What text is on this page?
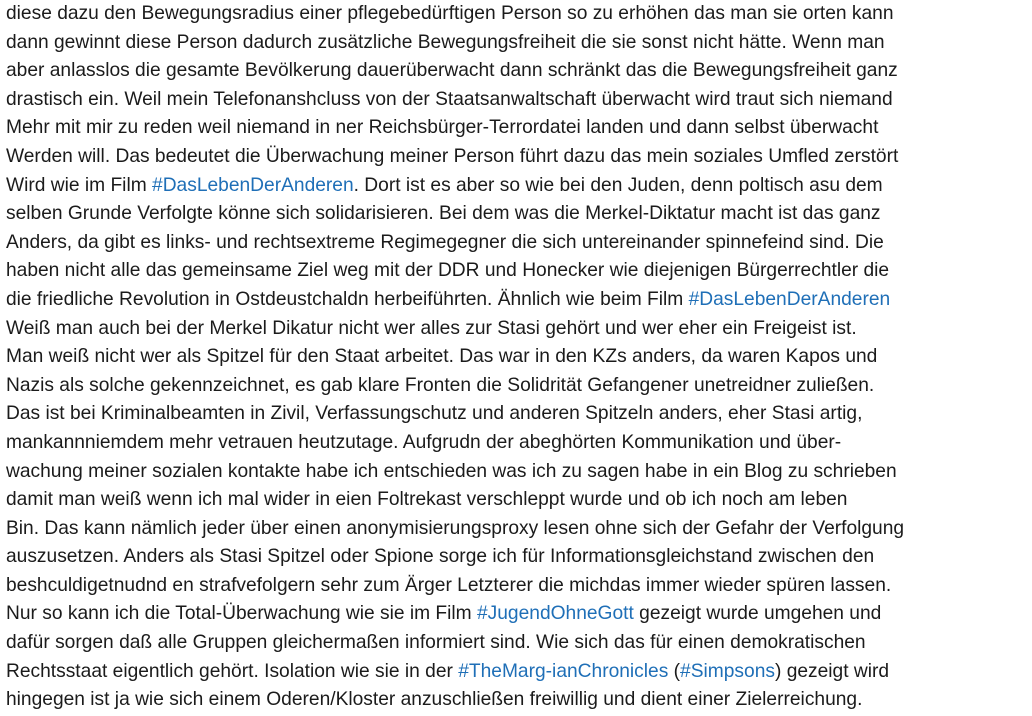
diese dazu den Bewegungsradius einer pflegebedürftigen Person so zu erhöhen das man sie orten kann
dann gewinnt diese Person dadurch zusätzliche Bewegungsfreiheit die sie sonst nicht hätte. Wenn man
aber anlasslos die gesamte Bevölkerung dauerüberwacht dann schränkt das die Bewegungsfreiheit ganz
drastisch ein. Weil mein Telefonanshcluss von der Staatsanwaltschaft überwacht wird traut sich niemand
Mehr mit mir zu reden weil niemand in ner Reichsbürger-Terrordatei landen und dann selbst überwacht
Werden will. Das bedeutet die Überwachung meiner Person führt dazu das mein soziales Umfled zerstört
Wird wie im Film #DasLebenDerAnderen. Dort ist es aber so wie bei den Juden, denn poltisch asu dem
selben Grunde Verfolgte könne sich solidarisieren. Bei dem was die Merkel-Diktatur macht ist das ganz
Anders, da gibt es links- und rechtsextreme Regimegegner die sich untereinander spinnefeind sind. Die
haben nicht alle das gemeinsame Ziel weg mit der DDR und Honecker wie diejenigen Bürgerrechtler die
die friedliche Revolution in Ostdeustchaldn herbeiführten. Ähnlich wie beim Film #DasLebenDerAnderen
Weiß man auch bei der Merkel Dikatur nicht wer alles zur Stasi gehört und wer eher ein Freigeist ist.
Man weiß nicht wer als Spitzel für den Staat arbeitet. Das war in den KZs anders, da waren Kapos und
Nazis als solche gekennzeichnet, es gab klare Fronten die Solidrität Gefangener unetreidner zuließen.
Das ist bei Kriminalbeamten in Zivil, Verfassungschutz und anderen Spitzeln anders, eher Stasi artig,
mankannniemdem mehr vetrauen heutzutage. Aufgrudn der abeghörten Kommunikation und über-
wachung meiner sozialen kontakte habe ich entschieden was ich zu sagen habe in ein Blog zu schrieben
damit man weiß wenn ich mal wider in eien Foltrekast verschleppt wurde und ob ich noch am leben
Bin. Das kann nämlich jeder über einen anonymisierungsproxy lesen ohne sich der Gefahr der Verfolgung
auszusetzen. Anders als Stasi Spitzel oder Spione sorge ich für Informationsgleichstand zwischen den
beshculdigetnudnd en strafvefolgern sehr zum Ärger Letzterer die michdas immer wieder spüren lassen.
Nur so kann ich die Total-Überwachung wie sie im Film #JugendOhneGott gezeigt wurde umgehen und
dafür sorgen daß alle Gruppen gleichermaßen informiert sind. Wie sich das für einen demokratischen
Rechtsstaat eigentlich gehört. Isolation wie sie in der #TheMarg-ianChronicles (#Simpsons) gezeigt wird
hingegen ist ja wie sich einem Oderen/Kloster anzuschließen freiwillig und dient einer Zielerreichung.
